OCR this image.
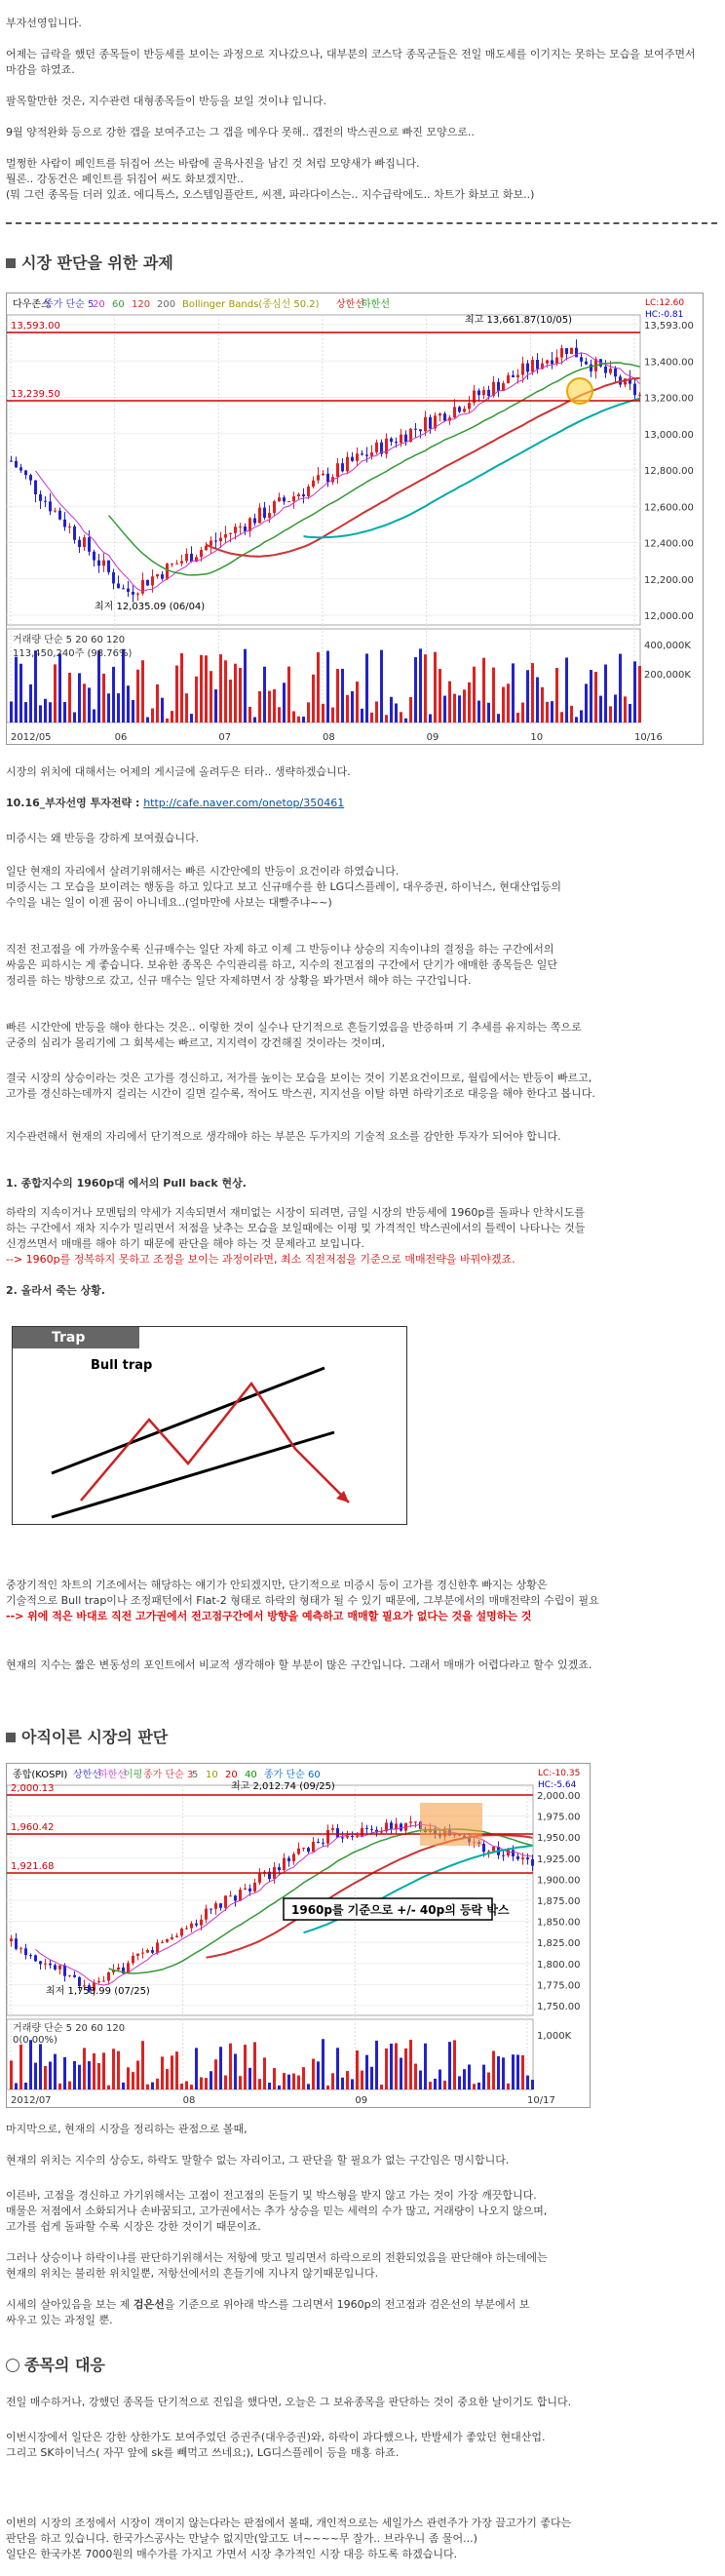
부자선영입니다.

어제는 급락을 했던 종목들이 반등세를 보이는 과정으로 지나갔으나, 대부분의 코스닥 종목군들은 전일 매도세를 이기지는 못하는 모습을 보여주면서 마감을 하였죠.

팔목할만한 것은, 지수관련 대형종목들이 반등을 보일 것이냐 입니다.

9월 양적완화 등으로 강한 갭을 보여주고는 그 갭을 메우다 못해.. 갭전의 박스권으로 빠진 모양으로..

멀쩡한 사람이 페인트를 뒤집어 쓰는 바람에 골욕사진을 남긴 것 처럼 모양새가 빠집니다.

뭘론.. 강동건은 페인트를 뒤집어 써도 화보겠지만..

(뭐 그런 종목들 더러 있죠. 에디특스, 오스템임플란트, 씨젠, 파라다이스는.. 지수급락에도.. 차트가 화보고 화보..)

시장 판단을 위한 과제
다우존스
종가 단순 5
20 60 120 200 Bollinger Bands(종심선 50.2) 상한선
하한선
13,593.00
13,400.00
13,200.00
13,000.00
12,800.00
12,600.00
12,400.00
12,200.00
12,000.00
400,000K
200,000K
2012/05	06	07	08	09	10	10/16
13,593.00
13,239.50
최고 13,661.87(10/05)
최저 12,035.09 (06/04)
LC:12.60
HC:-0.81
거래량 단순 5 20 60 120
113,450,240주 (98.76%)

시장의 위치에 대해서는 어제의 게시글에 올려두은 터라.. 생략하겠습니다.

10.16_부자선영 투자전략 : http://cafe.naver.com/onetop/350461

미증시는 왜 반등을 강하게 보여줬습니다.

일단 현재의 자리에서 살려기위해서는 빠른 시간안에의 반등이 요건이라 하였습니다.

미증시는 그 모습을 보이려는 행동을 하고 있다고 보고 신규매수를 한 LG디스플레이, 대우증권, 하이닉스, 현대산업등의

수익을 내는 일이 이젠 꿈이 아니네요..(얼마만에 사보는 대빨주냐~~)

직전 전고점을 에 가까울수록 신규매수는 일단 자제 하고 이제 그 반등이냐 상승의 지속이냐의 결정을 하는 구간에서의

싸움은 피하시는 게 좋습니다. 보유한 종목은 수익관리를 하고, 지수의 전고점의 구간에서 단기가 애매한 종목들은 일단

정리를 하는 방향으로 갔고, 신규 매수는 일단 자제하면서 장 상황을 봐가면서 해야 하는 구간입니다.

빠른 시간안에 반등을 해야 한다는 것은.. 이렇한 것이 실수나 단기적으로 흔들기였음을 반증하며 기 추세를 유지하는 쪽으로

군중의 심리가 몰리기에 그 회복세는 빠르고, 지지력이 강건해질 것이라는 것이며,

결국 시장의 상승이라는 것은 고가를 경신하고, 저가를 높이는 모습을 보이는 것이 기본요건이므로, 월림에서는 반등이 빠르고,

고가를 경신하는데까지 걸리는 시간이 길면 길수록, 적어도 박스권, 지지선을 이탈 하면 하락기조로 대응을 해야 한다고 봅니다.

지수관련해서 현재의 자리에서 단기적으로 생각해야 하는 부분은 두가지의 기술적 요소를 감안한 투자가 되어야 합니다.

1. 종합지수의 1960p대 에서의 Pull back 현상.

하락의 지속이거나 모멘텀의 약세가 지속되면서 재미없는 시장이 되려면, 금일 시장의 반등세에 1960p를 돌파나 안착시도를

하는 구간에서 재차 지수가 밀리면서 저점을 낮추는 모습을 보일때에는 이평 및 가격적인 박스권에서의 틀렉이 나타나는 것들

신경쓰면서 매매를 해야 하기 때문에 판단을 해야 하는 것 문제라고 보입니다.

--> 1960p를 정복하지 못하고 조정을 보이는 과정이라면, 최소 직전저점을 기준으로 매매전략을 바꿔야겠죠.

2. 올라서 죽는 상황.

Trap
Bull trap

중장기적인 차트의 기조에서는 해당하는 얘기가 안되겠지만, 단기적으로 미증시 등이 고가를 경신한후 빠지는 상황은

기술적으로 Bull trap이나 조정패턴에서 Flat-2 형태로 하락의 형태가 될 수 있기 때문에, 그부분에서의 매매전략의 수립이 필요

--> 위에 적은 바대로 직전 고가권에서 전고점구간에서 방향을 예측하고 매매할 필요가 없다는 것을 설명하는 것

현재의 지수는 짧은 변동성의 포인트에서 비교적 생각해야 할 부분이 많은 구간입니다. 그래서 매매가 어렵다라고 할수 있겠죠.

아직이른 시장의 판단
종합(KOSPI) 상한선
하한선
이평 종가 단순 3
5 10 20 40 종가 단순 60
2,000.00
1,975.00
1,950.00
1,925.00
1,900.00
1,875.00
1,850.00
1,825.00
1,800.00
1,775.00
1,750.00
1,000K
2012/07	08	09	10/17
2,000.13
1,960.42
1,921.68
최고 2,012.74 (09/25)
최저 1,758.99 (07/25)
1960p를 기준으로 +/- 40p의 등락 박스
LC:-10.35
HC:-5.64
거래량 단순 5 20 60 120
0(0.00%)

마지막으로, 현재의 시장을 정리하는 관점으로 볼때,

현재의 위치는 지수의 상승도, 하락도 말할수 없는 자리이고, 그 판단을 할 필요가 없는 구간임은 명시합니다.

이른바, 고점을 경신하고 가기위해서는 고점이 전고점의 돈들기 및 박스형을 받지 않고 가는 것이 가장 깨끗합니다.

매물은 저점에서 소화되거나 손바꿈되고, 고가권에서는 추가 상승을 믿는 세력의 수가 많고, 거래량이 나오지 않으며,

고가를 쉽게 돌파할 수록 시장은 강한 것이기 때문이죠.

그러나 상승이나 하락이냐를 판단하기위해서는 저항에 맞고 밀리면서 하락으로의 전환되었음을 판단해야 하는데에는

현재의 위치는 불리한 위치일뿐, 저항선에서의 흔들기에 지나지 않기때문입니다.

시세의 살아있음을 보는 제 검은선을 기준으로 위아래 박스를 그리면서 1960p의 전고점과 검은선의 부분에서 보

싸우고 있는 과정일 뿐.

종목의 대응

전일 매수하거나, 강했던 종목들 단기적으로 진입을 했다면, 오늘은 그 보유종목을 판단하는 것이 중요한 날이기도 합니다.

이번시장에서 일단은 강한 상한가도 보여주었던 증권주(대우증권)와, 하락이 과다했으나, 반발세가 좋았던 현대산업.

그리고 SK하이닉스( 자꾸 앞에 sk를 빼먹고 쓰네요;), LG디스플레이 등을 매홍 하죠.

이번의 시장의 조정에서 시장이 객이지 않는다라는 판점에서 볼때, 개인적으로는 세일가스 관련주가 가장 끌고가기 좋다는

판단을 하고 있습니다. 한국가스공사는 만날수 없지만(알고도 녀~~~~무 잘가.. 브라우니 좀 물어...)

일단은 한국카본 7000원의 매수가를 가지고 가면서 시장 추가적인 시장 대응 하도록 하겠습니다.
